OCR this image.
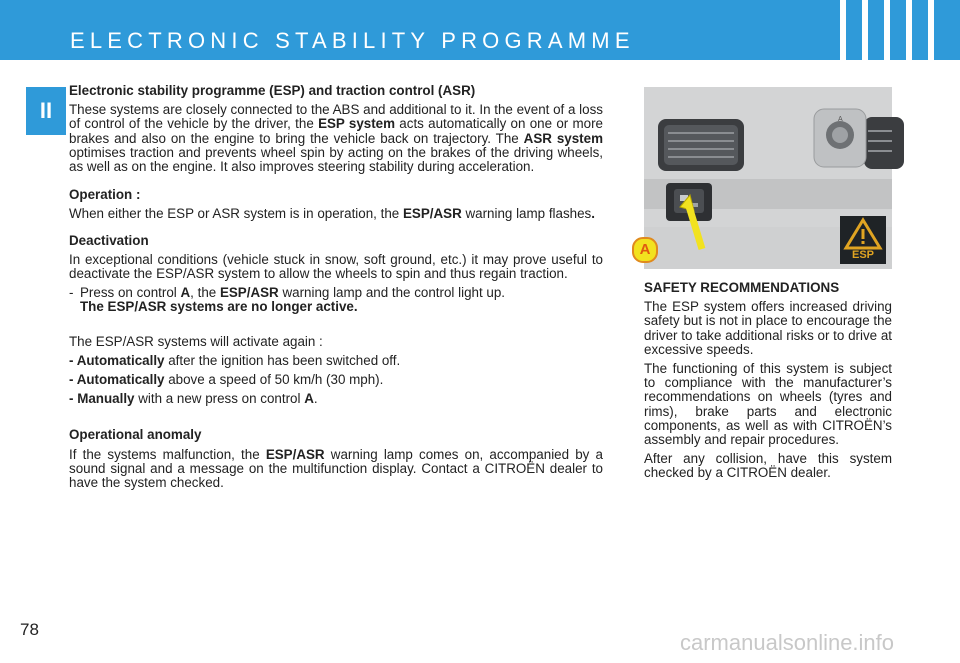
ELECTRONIC STABILITY PROGRAMME
II

Electronic stability programme (ESP) and traction control (ASR)

These systems are closely connected to the ABS and additional to it. In the event of a loss of control of the vehicle by the driver, the ESP system acts automatically on one or more brakes and also on the engine to bring the vehicle back on trajectory. The ASR system optimises traction and prevents wheel spin by acting on the brakes of the driving wheels, as well as on the engine. It also improves steering stability during acceleration.

Operation :

When either the ESP or ASR system is in operation, the ESP/ASR warning lamp flashes.

Deactivation

In exceptional conditions (vehicle stuck in snow, soft ground, etc.) it may prove useful to deactivate the ESP/ASR system to allow the wheels to spin and thus regain traction.

- Press on control A, the ESP/ASR warning lamp and the control light up.
The ESP/ASR systems are no longer active.

The ESP/ASR systems will activate again :

- Automatically after the ignition has been switched off.

- Automatically above a speed of 50 km/h (30 mph).

- Manually with a new press on control A.

Operational anomaly

If the systems malfunction, the ESP/ASR warning lamp comes on, accompanied by a sound signal and a message on the multifunction display. Contact a CITROËN dealer to have the system checked.

A
ESP
A

SAFETY RECOMMENDATIONS

The ESP system offers increased driving safety but is not in place to encourage the driver to take additional risks or to drive at excessive speeds.

The functioning of this system is subject to compliance with the manufacturer’s recommendations on wheels (tyres and rims), brake parts and electronic components, as well as with CITROËN’s assembly and repair procedures.

After any collision, have this system checked by a CITROËN dealer.

78
carmanualsonline.info
